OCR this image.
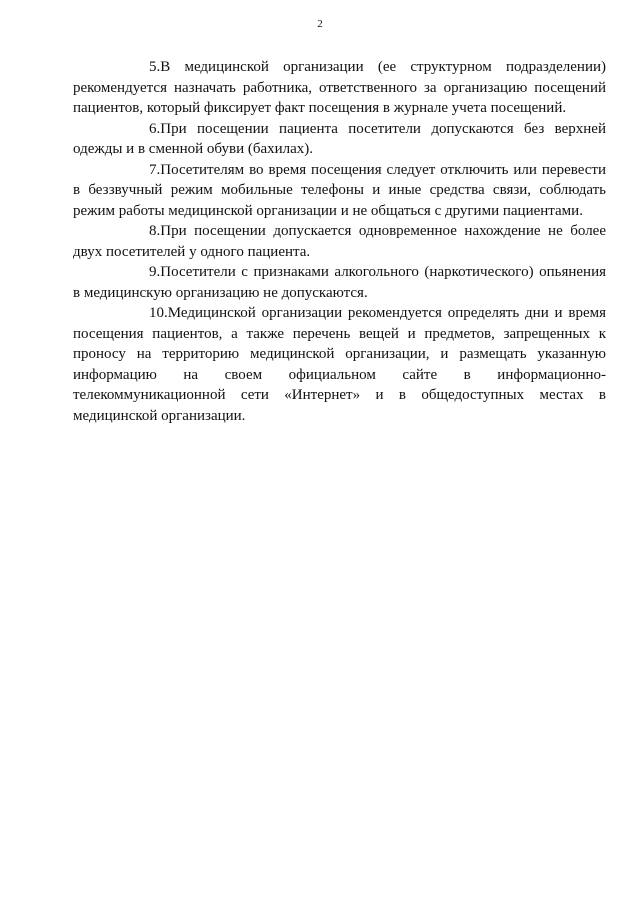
2

5.В медицинской организации (ее структурном подразделении) рекомендуется назначать работника, ответственного за организацию посещений пациентов, который фиксирует факт посещения в журнале учета посещений.

6.При посещении пациента посетители допускаются без верхней одежды и в сменной обуви (бахилах).

7.Посетителям во время посещения следует отключить или перевести в беззвучный режим мобильные телефоны и иные средства связи, соблюдать режим работы медицинской организации и не общаться с другими пациентами.

8.При посещении допускается одновременное нахождение не более двух посетителей у одного пациента.

9.Посетители с признаками алкогольного (наркотического) опьянения в медицинскую организацию не допускаются.

10.Медицинской организации рекомендуется определять дни и время посещения пациентов, а также перечень вещей и предметов, запрещенных к проносу на территорию медицинской организации, и размещать указанную информацию на своем официальном сайте в информационно-телекоммуникационной сети «Интернет» и в общедоступных местах в медицинской организации.
